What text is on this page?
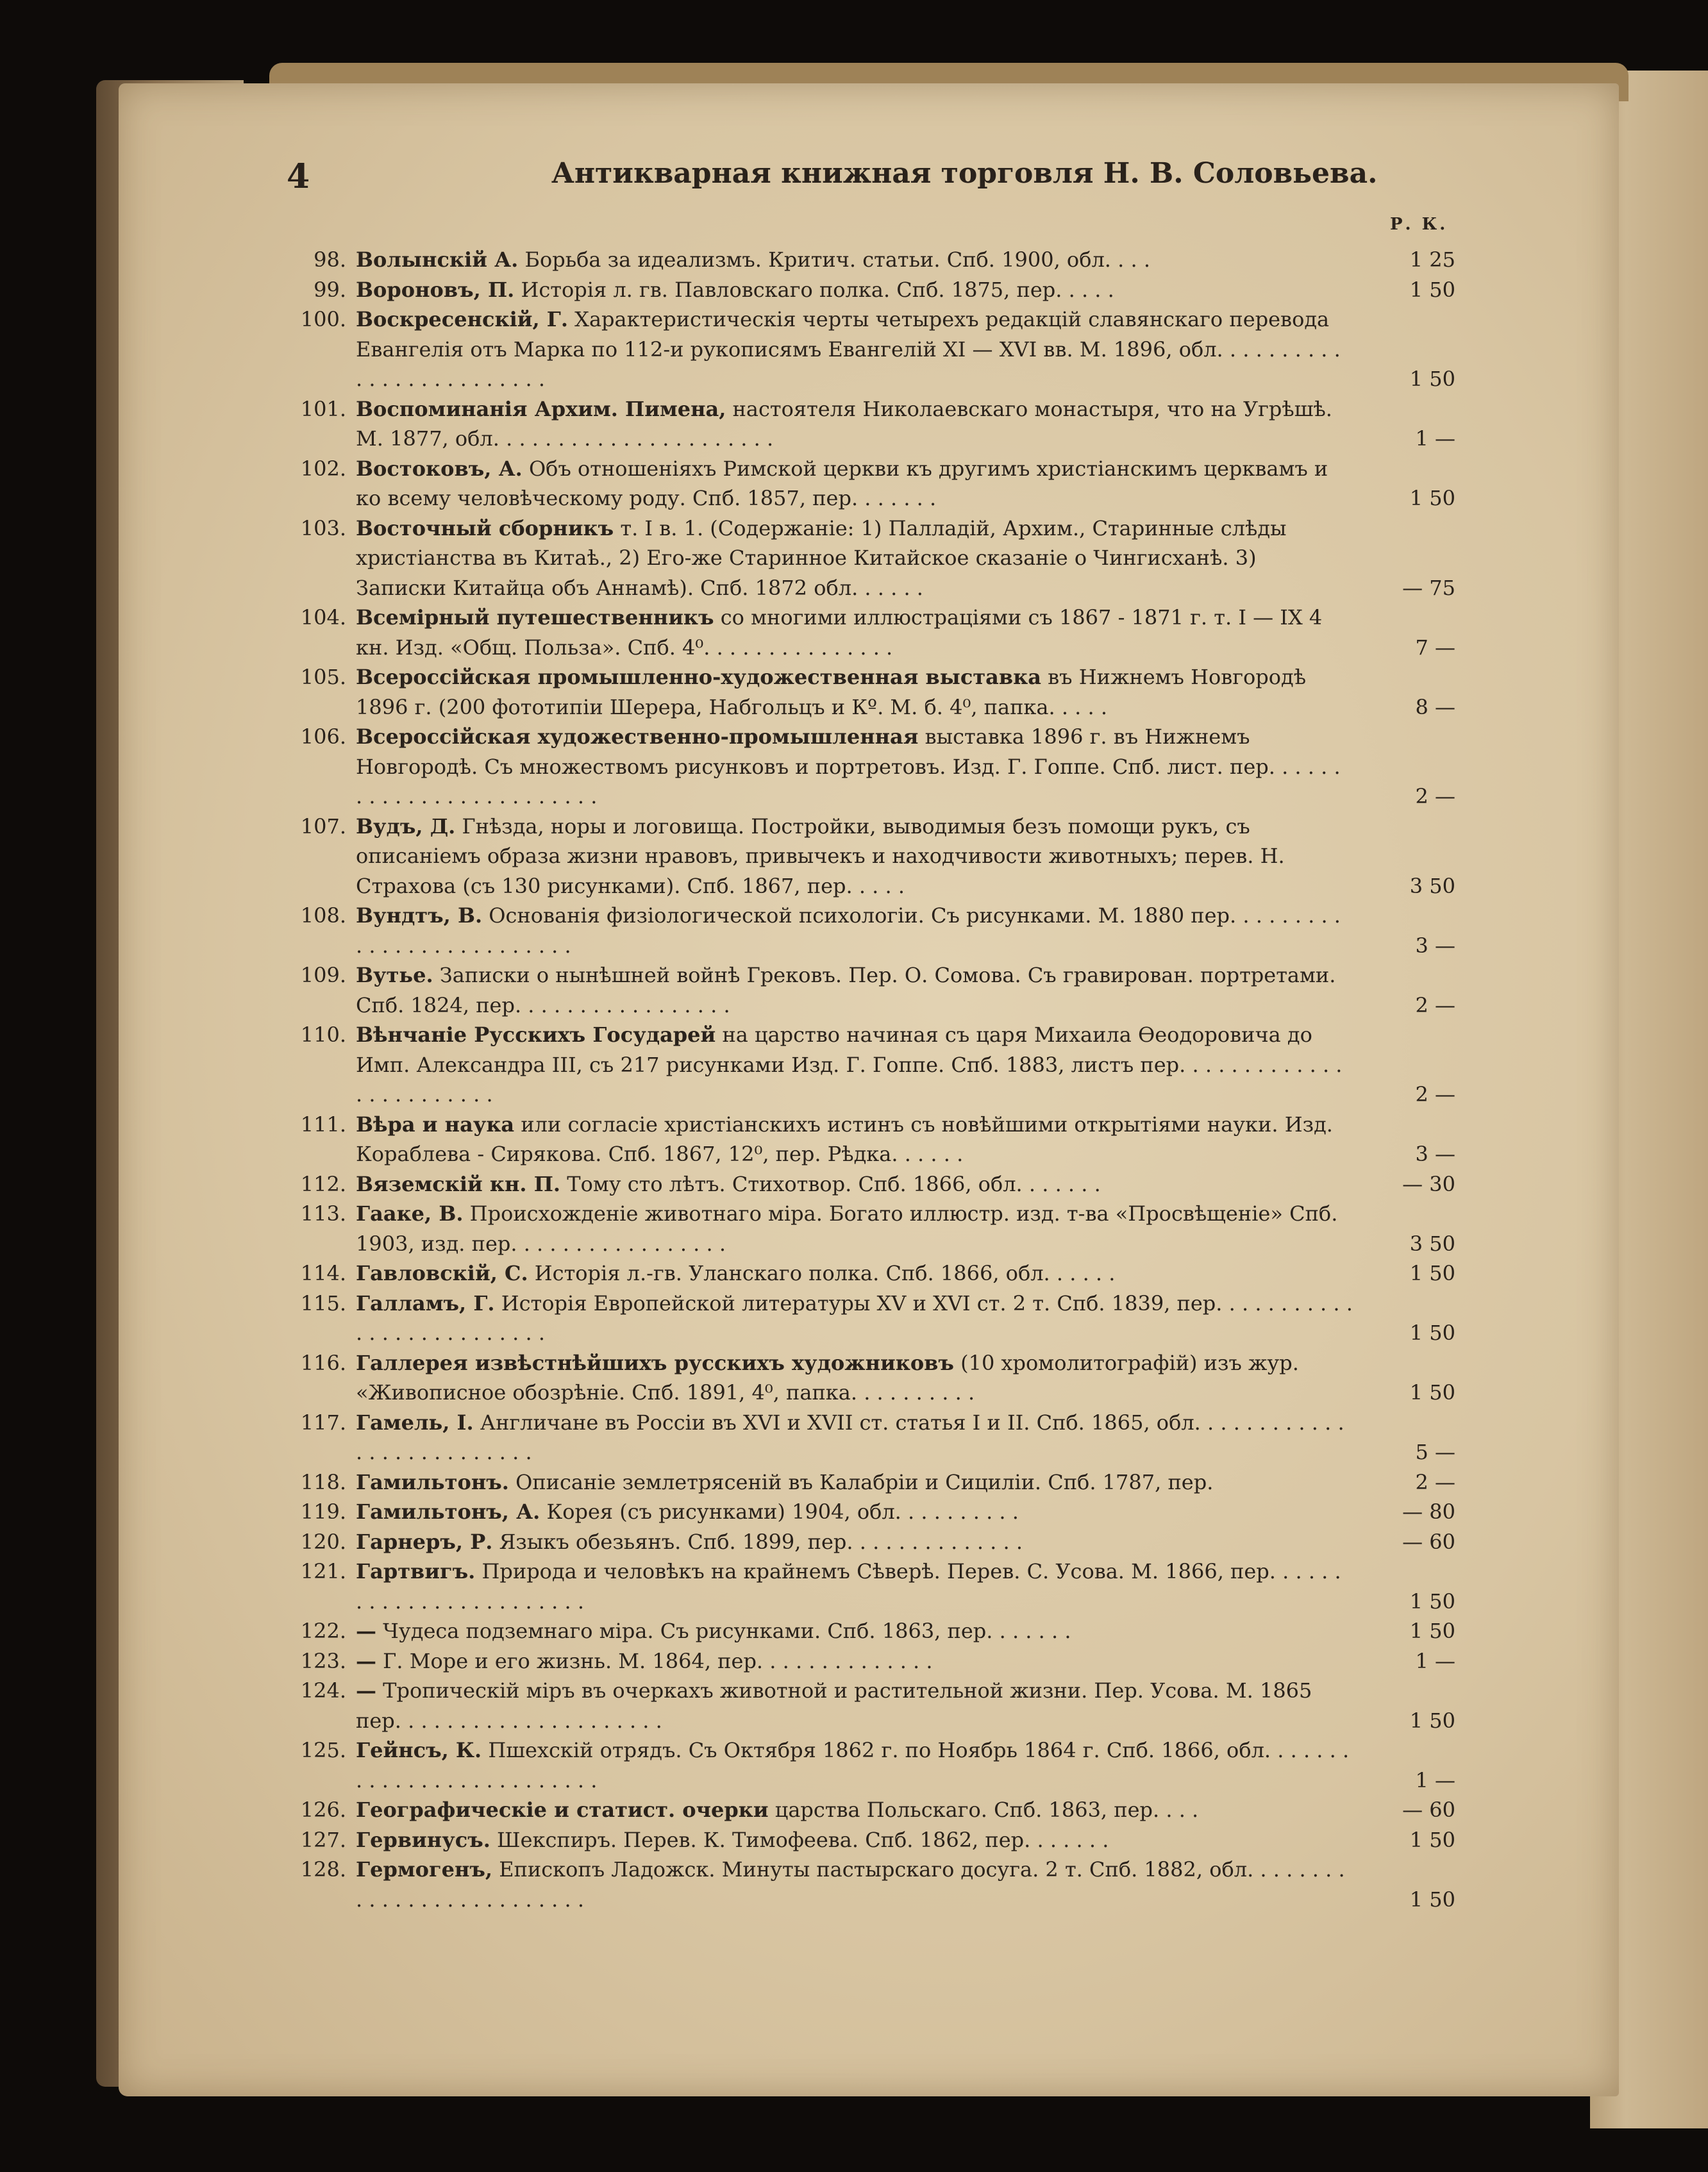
4	Антикварная книжная торговля Н. В. Соловьева.
Р. К.
98. Волынскій А. Борьба за идеализмъ. Критич. статьи. Спб. 1900, обл. . . .	1 25
99. Вороновъ, П. Исторія л. гв. Павловскаго полка. Спб. 1875, пер. . . . .	1 50
100. Воскресенскій, Г. Характеристическія черты четырехъ редакцій славянскаго перевода Евангелія отъ Марка по 112-и рукописямъ Евангелій XI — XVI вв. М. 1896, обл. . . . . . . . . . . . . . . . . . . . . . . . .	1 50
101. Воспоминанія Архим. Пимена, настоятеля Николаевскаго монастыря, что на Угрѣшѣ. М. 1877, обл. . . . . . . . . . . . . . . . . . . . . .	1 —
102. Востоковъ, А. Объ отношеніяхъ Римской церкви къ другимъ христіанскимъ церквамъ и ко всему человѣческому роду. Спб. 1857, пер. . . . . . .	1 50
103. Восточный сборникъ т. I в. 1. (Содержаніе: 1) Палладій, Архим., Старинные слѣды христіанства въ Китаѣ., 2) Его-же Старинное Китайское сказаніе о Чингисханѣ. 3) Записки Китайца объ Аннамѣ). Спб. 1872 обл. . . . . .	— 75
104. Всемірный путешественникъ со многими иллюстраціями съ 1867 - 1871 г. т. I — IX 4 кн. Изд. «Общ. Польза». Спб. 4⁰. . . . . . . . . . . . . . .	7 —
105. Всероссійская промышленно-художественная выставка въ Нижнемъ Новгородѣ 1896 г. (200 фототипіи Шерера, Набгольцъ и Кº. М. б. 4⁰, папка. . . . .	8 —
106. Всероссійская художественно-промышленная выставка 1896 г. въ Нижнемъ Новгородѣ. Съ множествомъ рисунковъ и портретовъ. Изд. Г. Гоппе. Спб. лист. пер. . . . . . . . . . . . . . . . . . . . . . . . .	2 —
107. Вудъ, Д. Гнѣзда, норы и логовища. Постройки, выводимыя безъ помощи рукъ, съ описаніемъ образа жизни нравовъ, привычекъ и находчивости животныхъ; перев. Н. Страхова (съ 130 рисунками). Спб. 1867, пер. . . . .	3 50
108. Вундтъ, В. Основанія физіологической психологіи. Съ рисунками. М. 1880 пер. . . . . . . . . . . . . . . . . . . . . . . . . .	3 —
109. Вутье. Записки о нынѣшней войнѣ Грековъ. Пер. О. Сомова. Съ гравирован. портретами. Спб. 1824, пер. . . . . . . . . . . . . . . . .	2 —
110. Вѣнчаніе Русскихъ Государей на царство начиная съ царя Михаила Ѳеодоровича до Имп. Александра III, съ 217 рисунками Изд. Г. Гоппе. Спб. 1883, листъ пер. . . . . . . . . . . . . . . . . . . . . . . .	2 —
111. Вѣра и наука или согласіе христіанскихъ истинъ съ новѣйшими открытіями науки. Изд. Кораблева - Сирякова. Спб. 1867, 12⁰, пер. Рѣдка. . . . . .	3 —
112. Вяземскій кн. П. Тому сто лѣтъ. Стихотвор. Спб. 1866, обл. . . . . . .	— 30
113. Гааке, В. Происхожденіе животнаго міра. Богато иллюстр. изд. т-ва «Просвѣщеніе» Спб. 1903, изд. пер. . . . . . . . . . . . . . . . .	3 50
114. Гавловскій, С. Исторія л.-гв. Уланскаго полка. Спб. 1866, обл. . . . . .	1 50
115. Галламъ, Г. Исторія Европейской литературы XV и XVI ст. 2 т. Спб. 1839, пер. . . . . . . . . . . . . . . . . . . . . . . . . .	1 50
116. Галлерея извѣстнѣйшихъ русскихъ художниковъ (10 хромолитографій) изъ жур. «Живописное обозрѣніе. Спб. 1891, 4⁰, папка. . . . . . . . . .	1 50
117. Гамель, І. Англичане въ Россіи въ XVI и XVII ст. статья I и II. Спб. 1865, обл. . . . . . . . . . . . . . . . . . . . . . . . . .	5 —
118. Гамильтонъ. Описаніе землетрясеній въ Калабріи и Сициліи. Спб. 1787, пер.	2 —
119. Гамильтонъ, А. Корея (съ рисунками) 1904, обл. . . . . . . . . .	— 80
120. Гарнеръ, Р. Языкъ обезьянъ. Спб. 1899, пер. . . . . . . . . . . . . .	— 60
121. Гартвигъ. Природа и человѣкъ на крайнемъ Сѣверѣ. Перев. С. Усова. М. 1866, пер. . . . . . . . . . . . . . . . . . . . . . . .	1 50
122. — Чудеса подземнаго міра. Съ рисунками. Спб. 1863, пер. . . . . . .	1 50
123. — Г. Море и его жизнь. М. 1864, пер. . . . . . . . . . . . . .	1 —
124. — Тропическій міръ въ очеркахъ животной и растительной жизни. Пер. Усова. М. 1865 пер. . . . . . . . . . . . . . . . . . . . .	1 50
125. Гейнсъ, К. Пшехскій отрядъ. Съ Октября 1862 г. по Ноябрь 1864 г. Спб. 1866, обл. . . . . . . . . . . . . . . . . . . . . . . . . .	1 —
126. Географическіе и статист. очерки царства Польскаго. Спб. 1863, пер. . . .	— 60
127. Гервинусъ. Шекспиръ. Перев. К. Тимофеева. Спб. 1862, пер. . . . . . .	1 50
128. Гермогенъ, Епископъ Ладожск. Минуты пастырскаго досуга. 2 т. Спб. 1882, обл. . . . . . . . . . . . . . . . . . . . . . . . . .	1 50
